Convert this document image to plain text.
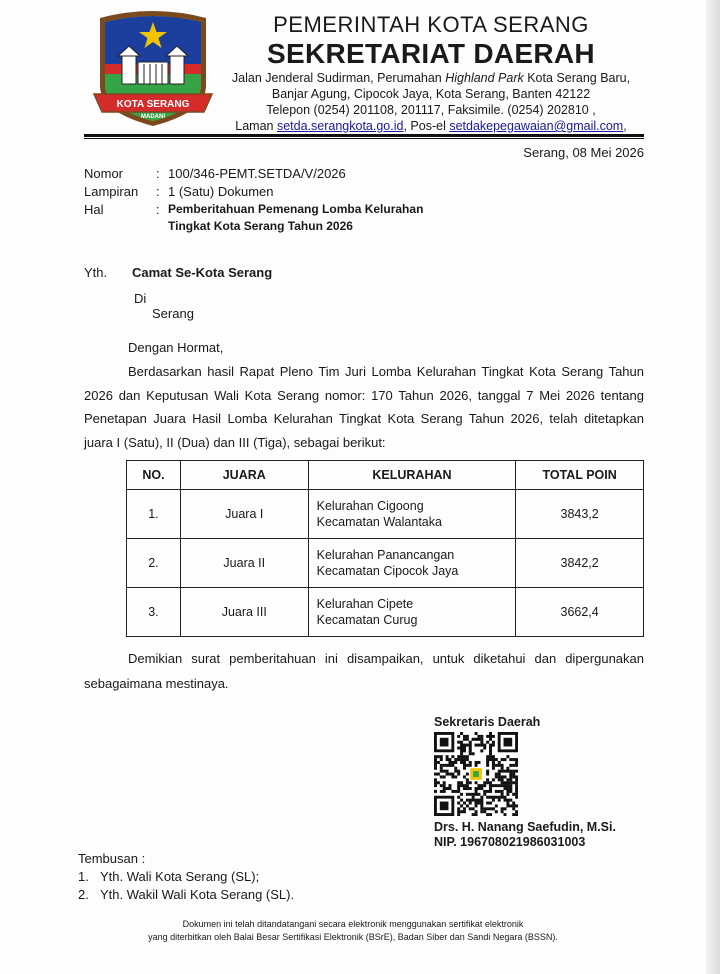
KOTA SERANG
MADANI
PEMERINTAH KOTA SERANG
SEKRETARIAT DAERAH
Jalan Jenderal Sudirman, Perumahan Highland Park Kota Serang Baru,
Banjar Agung, Cipocok Jaya, Kota Serang, Banten 42122
Telepon (0254) 201108, 201117, Faksimile. (0254) 202810 ,
Laman setda.serangkota.go.id, Pos-el setdakepegawaian@gmail.com,
Serang, 08 Mei 2026
Nomor	: 100/346-PEMT.SETDA/V/2026
Lampiran	: 1 (Satu) Dokumen
Hal	: Pemberitahuan Pemenang Lomba Kelurahan
Tingkat Kota Serang Tahun 2026
Yth. Camat Se-Kota Serang
Di
Serang
Dengan Hormat,
Berdasarkan hasil Rapat Pleno Tim Juri Lomba Kelurahan Tingkat Kota Serang Tahun 2026 dan Keputusan Wali Kota Serang nomor: 170 Tahun 2026, tanggal 7 Mei 2026 tentang Penetapan Juara Hasil Lomba Kelurahan Tingkat Kota Serang Tahun 2026, telah ditetapkan juara I (Satu), II (Dua) dan III (Tiga), sebagai berikut:
NO.	JUARA	KELURAHAN	TOTAL POIN
1.	Juara I	Kelurahan Cigoong
Kecamatan Walantaka	3843,2
2.	Juara II	Kelurahan Panancangan
Kecamatan Cipocok Jaya	3842,2
3.	Juara III	Kelurahan Cipete
Kecamatan Curug	3662,4
Demikian surat pemberitahuan ini disampaikan, untuk diketahui dan dipergunakan sebagaimana mestinaya.
Sekretaris Daerah
Drs. H. Nanang Saefudin, M.Si.
NIP. 196708021986031003
Tembusan :
1. Yth. Wali Kota Serang (SL);
2. Yth. Wakil Wali Kota Serang (SL).
Dokumen ini telah ditandatangani secara elektronik menggunakan sertifikat elektronik
yang diterbitkan oleh Balai Besar Sertifikasi Elektronik (BSrE), Badan Siber dan Sandi Negara (BSSN).
